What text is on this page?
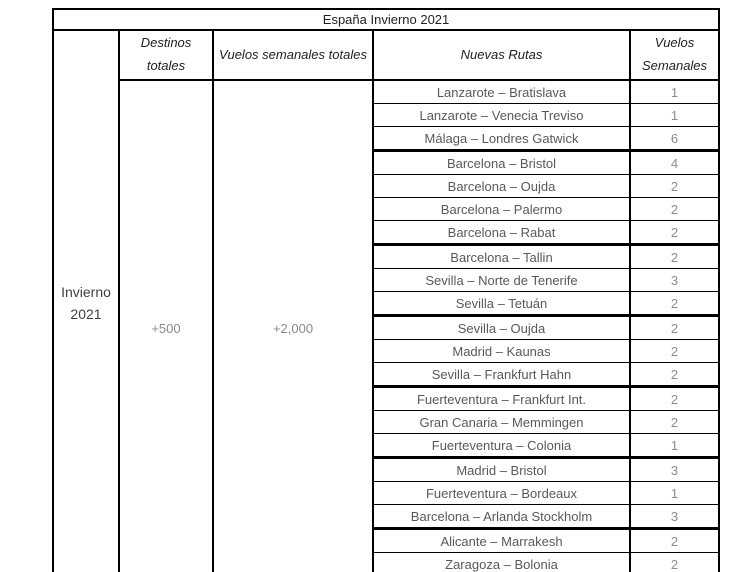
España Invierno 2021				
Invierno 2021	Destinos totales	Vuelos semanales totales	Nuevas Rutas	Vuelos Semanales
	+500	+2,000	Lanzarote – Bratislava	1
			Lanzarote – Venecia Treviso	1
			Málaga – Londres Gatwick	6
			Barcelona – Bristol	4
			Barcelona – Oujda	2
			Barcelona – Palermo	2
			Barcelona – Rabat	2
			Barcelona – Tallin	2
			Sevilla – Norte de Tenerife	3
			Sevilla – Tetuán	2
			Sevilla – Oujda	2
			Madrid – Kaunas	2
			Sevilla – Frankfurt Hahn	2
			Fuerteventura – Frankfurt Int.	2
			Gran Canaria – Memmingen	2
			Fuerteventura – Colonia	1
			Madrid – Bristol	3
			Fuerteventura – Bordeaux	1
			Barcelona – Arlanda Stockholm	3
			Alicante – Marrakesh	2
			Zaragoza – Bolonia	2
